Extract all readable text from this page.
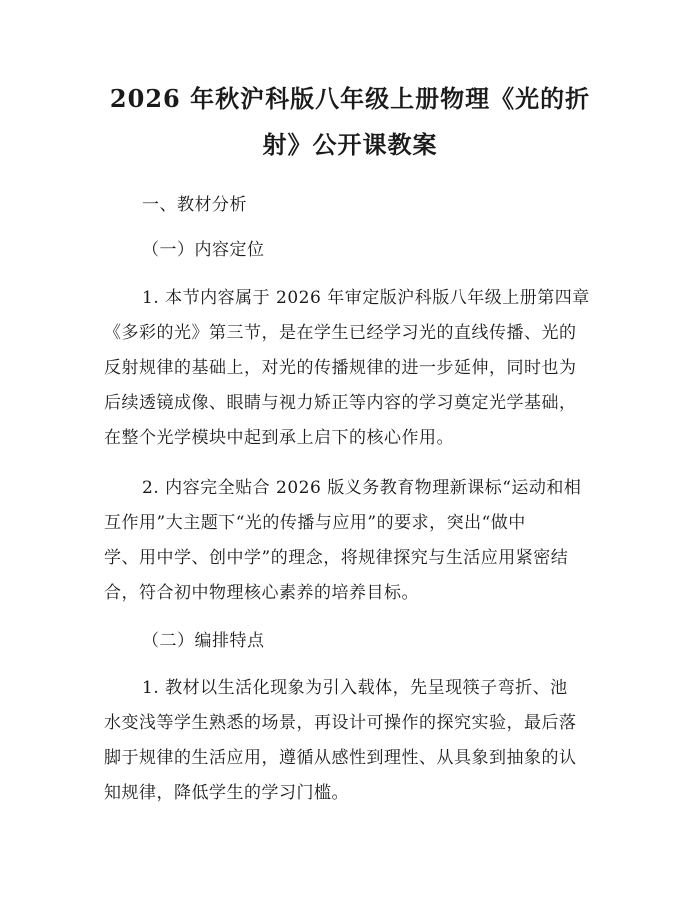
2026 年秋沪科版八年级上册物理《光的折
射》公开课教案
一、教材分析
（一）内容定位
1. 本节内容属于 2026 年审定版沪科版八年级上册第四章
《多彩的光》第三节，是在学生已经学习光的直线传播、光的
反射规律的基础上，对光的传播规律的进一步延伸，同时也为
后续透镜成像、眼睛与视力矫正等内容的学习奠定光学基础，
在整个光学模块中起到承上启下的核心作用。
2. 内容完全贴合 2026 版义务教育物理新课标“运动和相
互作用”大主题下“光的传播与应用”的要求，突出“做中
学、用中学、创中学”的理念，将规律探究与生活应用紧密结
合，符合初中物理核心素养的培养目标。
（二）编排特点
1. 教材以生活化现象为引入载体，先呈现筷子弯折、池
水变浅等学生熟悉的场景，再设计可操作的探究实验，最后落
脚于规律的生活应用，遵循从感性到理性、从具象到抽象的认
知规律，降低学生的学习门槛。
